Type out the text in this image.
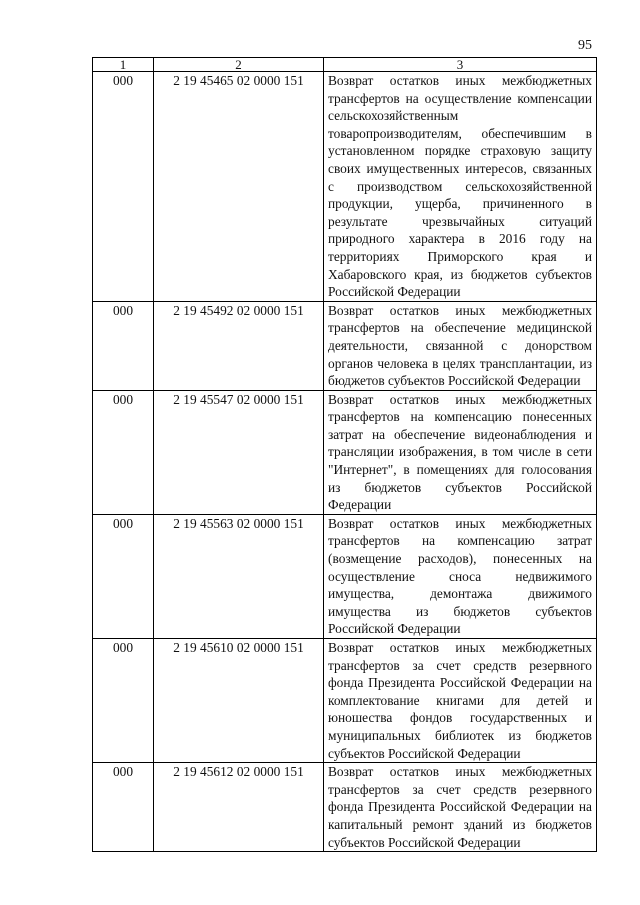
95
1	2	3
000	2 19 45465 02 0000 151	Возврат остатков иных межбюджетных трансфертов на осуществление компенсации сельскохозяйственным товаропроизводителям, обеспечившим в установленном порядке страховую защиту своих имущественных интересов, связанных с производством сельскохозяйственной продукции, ущерба, причиненного в результате чрезвычайных ситуаций природного характера в 2016 году на территориях Приморского края и Хабаровского края, из бюджетов субъектов Российской Федерации
000	2 19 45492 02 0000 151	Возврат остатков иных межбюджетных трансфертов на обеспечение медицинской деятельности, связанной с донорством органов человека в целях трансплантации, из бюджетов субъектов Российской Федерации
000	2 19 45547 02 0000 151	Возврат остатков иных межбюджетных трансфертов на компенсацию понесенных затрат на обеспечение видеонаблюдения и трансляции изображения, в том числе в сети "Интернет", в помещениях для голосования из бюджетов субъектов Российской Федерации
000	2 19 45563 02 0000 151	Возврат остатков иных межбюджетных трансфертов на компенсацию затрат (возмещение расходов), понесенных на осуществление сноса недвижимого имущества, демонтажа движимого имущества из бюджетов субъектов Российской Федерации
000	2 19 45610 02 0000 151	Возврат остатков иных межбюджетных трансфертов за счет средств резервного фонда Президента Российской Федерации на комплектование книгами для детей и юношества фондов государственных и муниципальных библиотек из бюджетов субъектов Российской Федерации
000	2 19 45612 02 0000 151	Возврат остатков иных межбюджетных трансфертов за счет средств резервного фонда Президента Российской Федерации на капитальный ремонт зданий из бюджетов субъектов Российской Федерации
